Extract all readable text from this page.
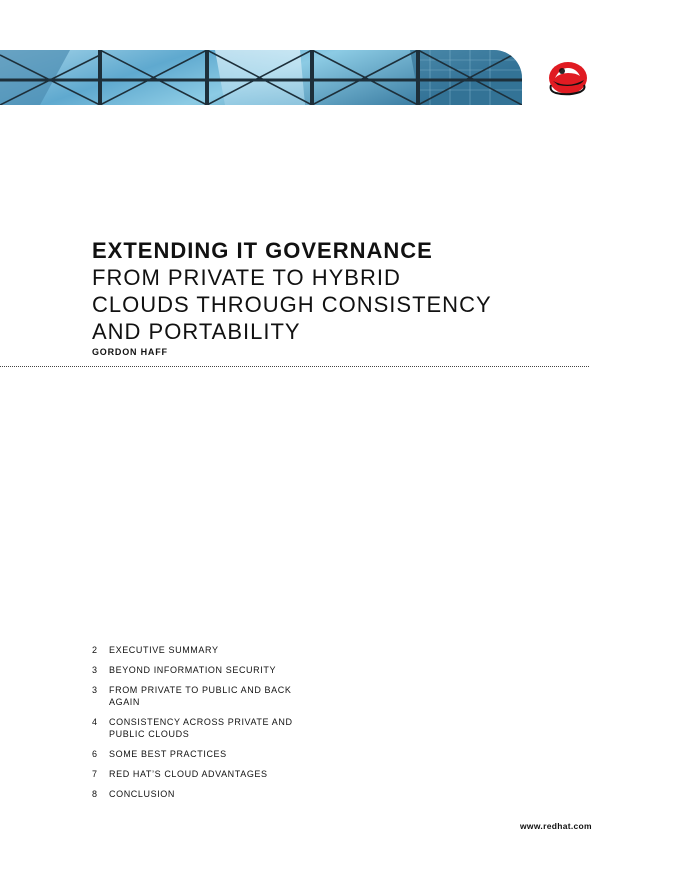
EXTENDING IT GOVERNANCE
FROM PRIVATE TO HYBRID
CLOUDS THROUGH CONSISTENCY
AND PORTABILITY
GORDON HAFF
2	EXECUTIVE SUMMARY
3	BEYOND INFORMATION SECURITY
3	FROM PRIVATE TO PUBLIC AND BACK AGAIN
4	CONSISTENCY ACROSS PRIVATE AND
PUBLIC CLOUDS
6	SOME BEST PRACTICES
7	RED HAT’S CLOUD ADVANTAGES
8	CONCLUSION
www.redhat.com
